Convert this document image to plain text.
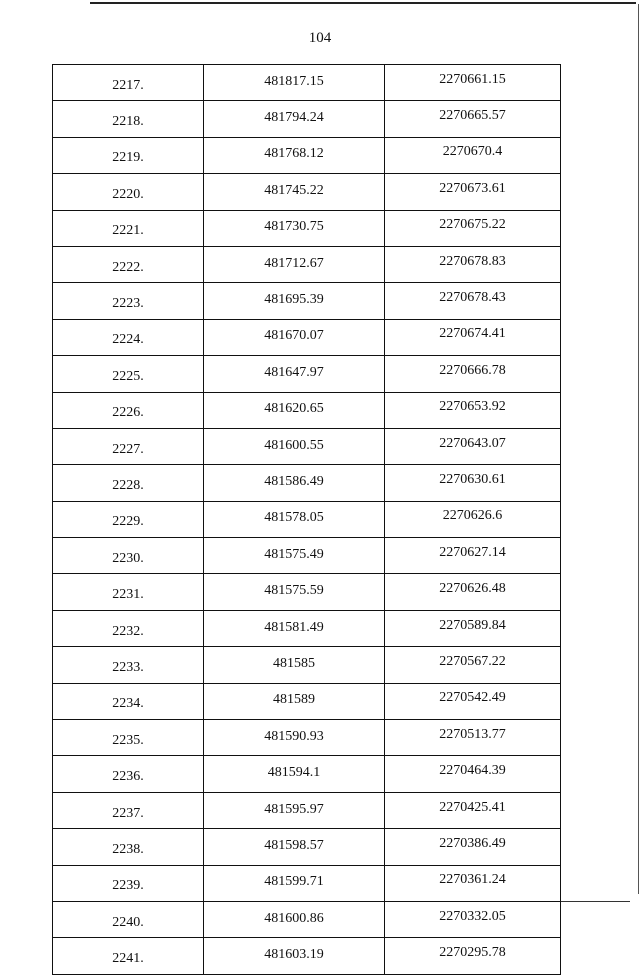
104
2217.	481817.15	2270661.15
2218.	481794.24	2270665.57
2219.	481768.12	2270670.4
2220.	481745.22	2270673.61
2221.	481730.75	2270675.22
2222.	481712.67	2270678.83
2223.	481695.39	2270678.43
2224.	481670.07	2270674.41
2225.	481647.97	2270666.78
2226.	481620.65	2270653.92
2227.	481600.55	2270643.07
2228.	481586.49	2270630.61
2229.	481578.05	2270626.6
2230.	481575.49	2270627.14
2231.	481575.59	2270626.48
2232.	481581.49	2270589.84
2233.	481585	2270567.22
2234.	481589	2270542.49
2235.	481590.93	2270513.77
2236.	481594.1	2270464.39
2237.	481595.97	2270425.41
2238.	481598.57	2270386.49
2239.	481599.71	2270361.24
2240.	481600.86	2270332.05
2241.	481603.19	2270295.78
